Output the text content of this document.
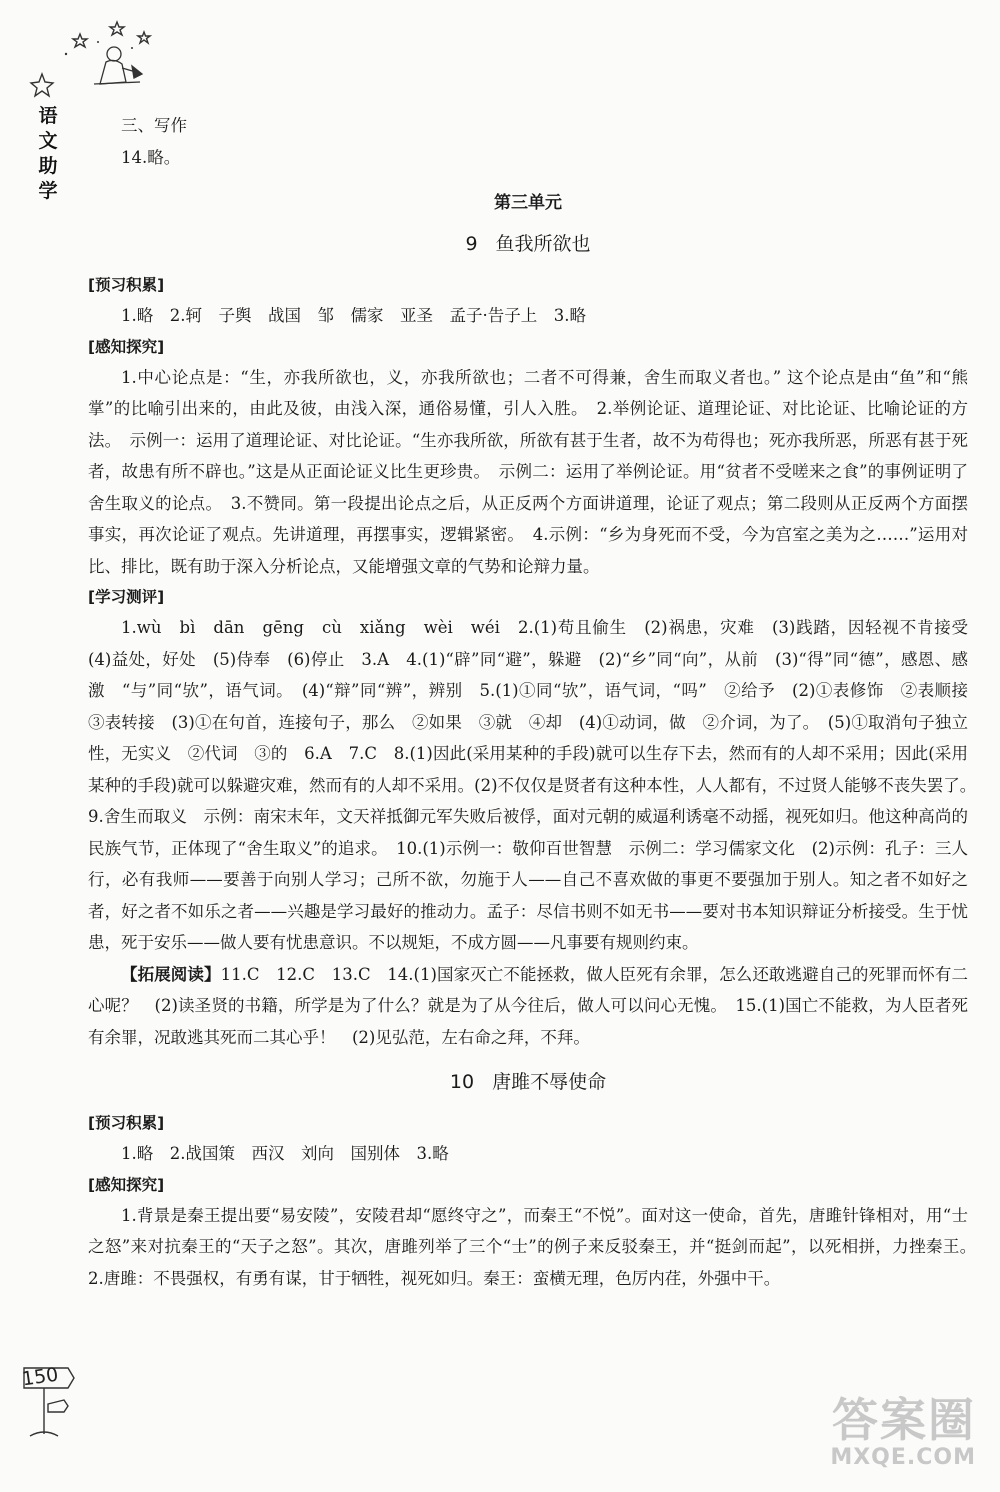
语
文
助
学

三、写作

14.略。

第三单元
9 鱼我所欲也

[预习积累]

1.略　2.轲　子舆　战国　邹　儒家　亚圣　孟子·告子上　3.略

[感知探究]

1.中心论点是：“生，亦我所欲也，义，亦我所欲也；二者不可得兼，舍生而取义者也。” 这个论点是由“鱼”和“熊掌”的比喻引出来的，由此及彼，由浅入深，通俗易懂，引人入胜。　2.举例论证、道理论证、对比论证、比喻论证的方法。　示例一：运用了道理论证、对比论证。“生亦我所欲，所欲有甚于生者，故不为苟得也；死亦我所恶，所恶有甚于死者，故患有所不辟也。”这是从正面论证义比生更珍贵。　示例二：运用了举例论证。用“贫者不受嗟来之食”的事例证明了舍生取义的论点。　3.不赞同。第一段提出论点之后，从正反两个方面讲道理，论证了观点；第二段则从正反两个方面摆事实，再次论证了观点。先讲道理，再摆事实，逻辑紧密。　4.示例：“乡为身死而不受，今为宫室之美为之……”运用对比、排比，既有助于深入分析论点，又能增强文章的气势和论辩力量。

[学习测评]

1.wù　bì　dān　gēng　cù　xiǎng　wèi　wéi　2.(1)苟且偷生　(2)祸患，灾难　(3)践踏，因轻视不肯接受　(4)益处，好处　(5)侍奉　(6)停止　3.A　4.(1)“辟”同“避”，躲避　(2)“乡”同“向”，从前　(3)“得”同“德”，感恩、感激　“与”同“欤”，语气词。　(4)“辩”同“辨”，辨别　5.(1)①同“欤”，语气词，“吗”　②给予　(2)①表修饰　②表顺接　③表转接　(3)①在句首，连接句子，那么　②如果　③就　④却　(4)①动词，做　②介词，为了。　(5)①取消句子独立性，无实义　②代词　③的　6.A　7.C　8.(1)因此(采用某种的手段)就可以生存下去，然而有的人却不采用；因此(采用某种的手段)就可以躲避灾难，然而有的人却不采用。(2)不仅仅是贤者有这种本性，人人都有，不过贤人能够不丧失罢了。　9.舍生而取义　示例：南宋末年，文天祥抵御元军失败后被俘，面对元朝的威逼利诱毫不动摇，视死如归。他这种高尚的民族气节，正体现了“舍生取义”的追求。　10.(1)示例一：敬仰百世智慧　示例二：学习儒家文化　(2)示例：孔子：三人行，必有我师——要善于向别人学习；己所不欲，勿施于人——自己不喜欢做的事更不要强加于别人。知之者不如好之者，好之者不如乐之者——兴趣是学习最好的推动力。孟子：尽信书则不如无书——要对书本知识辩证分析接受。生于忧患，死于安乐——做人要有忧患意识。不以规矩，不成方圆——凡事要有规则约束。

【拓展阅读】11.C　12.C　13.C　14.(1)国家灭亡不能拯救，做人臣死有余罪，怎么还敢逃避自己的死罪而怀有二心呢？　(2)读圣贤的书籍，所学是为了什么？就是为了从今往后，做人可以问心无愧。　15.(1)国亡不能救，为人臣者死有余罪，况敢逃其死而二其心乎！　(2)见弘范，左右命之拜，不拜。

10 唐雎不辱使命

[预习积累]

1.略　2.战国策　西汉　刘向　国别体　3.略

[感知探究]

1.背景是秦王提出要“易安陵”，安陵君却“愿终守之”，而秦王“不悦”。面对这一使命，首先，唐雎针锋相对，用“士之怒”来对抗秦王的“天子之怒”。其次，唐雎列举了三个“士”的例子来反驳秦王，并“挺剑而起”，以死相拼，力挫秦王。　2.唐雎：不畏强权，有勇有谋，甘于牺牲，视死如归。秦王：蛮横无理，色厉内荏，外强中干。

150
答案圈
MXQE.COM
